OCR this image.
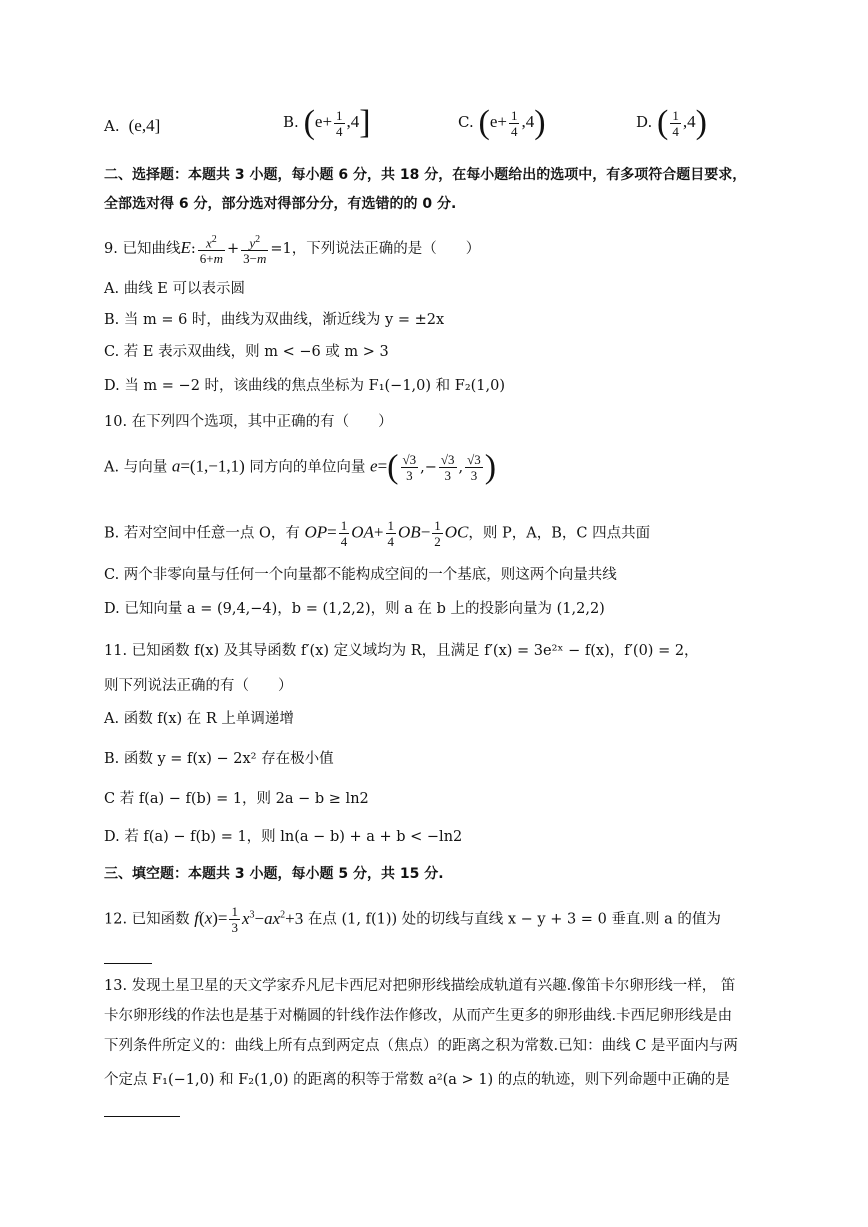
A.  (e,4]	B. $(e+ \frac{1}{4} ,4]$	C. $(e+ \frac{1}{4} ,4)$	D. ( $\frac{1}{4} ,4$)
二、选择题：本题共 3 小题，每小题 6 分，共 18 分，在每小题给出的选项中，有多项符合题目要求，
全部选对得 6 分，部分选对得部分分，有选错的的 0 分.
9. 已知曲线E: $\frac{x^2}{6+m} + \frac{y^2}{3-m} =1$，下列说法正确的是（　　）
A. 曲线 E 可以表示圆
B. 当 m = 6 时，曲线为双曲线，渐近线为 y = ±2x
C. 若 E 表示双曲线，则 m < −6 或 m > 3
D. 当 m = −2 时，该曲线的焦点坐标为 F₁(−1,0) 和 F₂(1,0)
10. 在下列四个选项，其中正确的有（　　）
A. 与向量 a=(1,−1,1) 同方向的单位向量 $e=( \frac{√3}{3}$ ,− $\frac{√3}{3}$ , $\frac{√3}{3}$ )
B. 若对空间中任意一点 O，有 $OP= \frac{1}{4} OA+ \frac{1}{4} OB- \frac{1}{2}$ OC，则 P，A，B，C 四点共面
C. 两个非零向量与任何一个向量都不能构成空间的一个基底，则这两个向量共线
D. 已知向量 a = (9,4,−4)，b = (1,2,2)，则 a 在 b 上的投影向量为 (1,2,2)
11. 已知函数 f(x) 及其导函数 f′(x) 定义域均为 R，且满足 f′(x) = 3e²ˣ − f(x)，f′(0) = 2，
则下列说法正确的有（　　）
A. 函数 f(x) 在 R 上单调递增
B. 函数 y = f(x) − 2x² 存在极小值
C 若 f(a) − f(b) = 1，则 2a − b ≥ ln2
D. 若 f(a) − f(b) = 1，则 ln(a − b) + a + b < −ln2
三、填空题：本题共 3 小题，每小题 5 分，共 15 分.
12. 已知函数 $f(x)= \frac{1}{3} x^3-ax^2+3$ 在点 (1, f(1)) 处的切线与直线 x − y + 3 = 0 垂直.则 a 的值为
13. 发现土星卫星的天文学家乔凡尼卡西尼对把卵形线描绘成轨道有兴趣.像笛卡尔卵形线一样， 笛
卡尔卵形线的作法也是基于对椭圆的针线作法作修改，从而产生更多的卵形曲线.卡西尼卵形线是由
下列条件所定义的：曲线上所有点到两定点（焦点）的距离之积为常数.已知：曲线 C 是平面内与两
个定点 F₁(−1,0) 和 F₂(1,0) 的距离的积等于常数 a²(a > 1) 的点的轨迹，则下列命题中正确的是
